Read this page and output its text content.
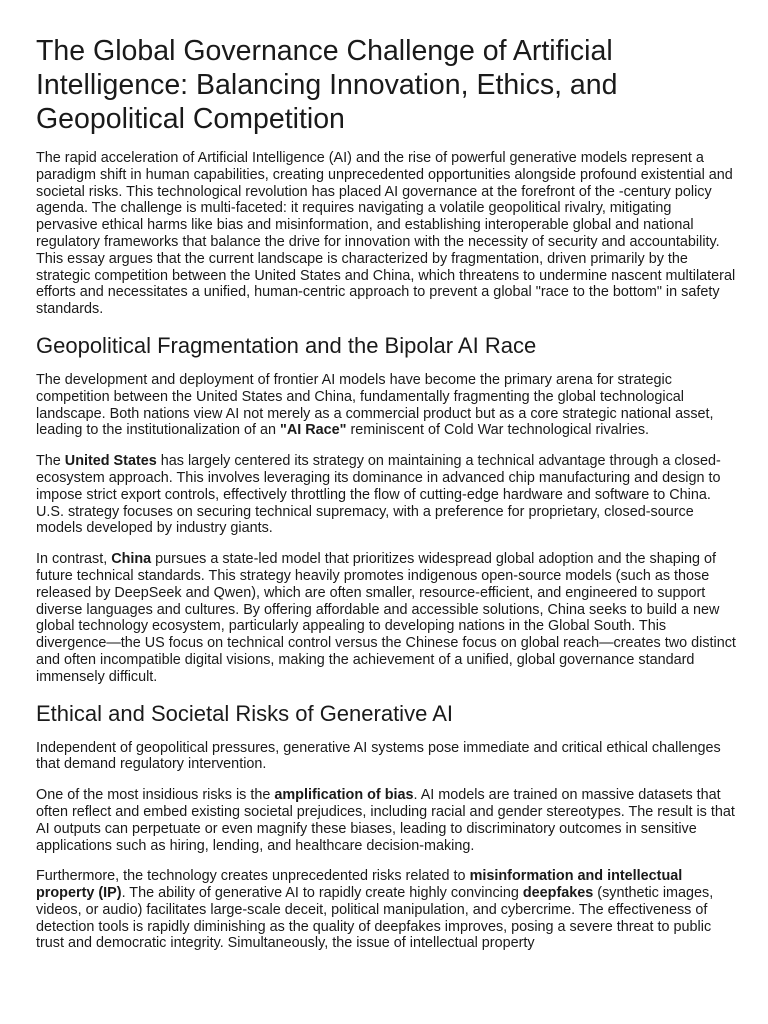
The Global Governance Challenge of Artificial Intelligence: Balancing Innovation, Ethics, and Geopolitical Competition

The rapid acceleration of Artificial Intelligence (AI) and the rise of powerful generative models represent a paradigm shift in human capabilities, creating unprecedented opportunities alongside profound existential and societal risks. This technological revolution has placed AI governance at the forefront of the -century policy agenda. The challenge is multi-faceted: it requires navigating a volatile geopolitical rivalry, mitigating pervasive ethical harms like bias and misinformation, and establishing interoperable global and national regulatory frameworks that balance the drive for innovation with the necessity of security and accountability. This essay argues that the current landscape is characterized by fragmentation, driven primarily by the strategic competition between the United States and China, which threatens to undermine nascent multilateral efforts and necessitates a unified, human-centric approach to prevent a global "race to the bottom" in safety standards.

Geopolitical Fragmentation and the Bipolar AI Race

The development and deployment of frontier AI models have become the primary arena for strategic competition between the United States and China, fundamentally fragmenting the global technological landscape. Both nations view AI not merely as a commercial product but as a core strategic national asset, leading to the institutionalization of an "AI Race" reminiscent of Cold War technological rivalries.

The United States has largely centered its strategy on maintaining a technical advantage through a closed-ecosystem approach. This involves leveraging its dominance in advanced chip manufacturing and design to impose strict export controls, effectively throttling the flow of cutting-edge hardware and software to China. U.S. strategy focuses on securing technical supremacy, with a preference for proprietary, closed-source models developed by industry giants.

In contrast, China pursues a state-led model that prioritizes widespread global adoption and the shaping of future technical standards. This strategy heavily promotes indigenous open-source models (such as those released by DeepSeek and Qwen), which are often smaller, resource-efficient, and engineered to support diverse languages and cultures. By offering affordable and accessible solutions, China seeks to build a new global technology ecosystem, particularly appealing to developing nations in the Global South. This divergence—the US focus on technical control versus the Chinese focus on global reach—creates two distinct and often incompatible digital visions, making the achievement of a unified, global governance standard immensely difficult.

Ethical and Societal Risks of Generative AI

Independent of geopolitical pressures, generative AI systems pose immediate and critical ethical challenges that demand regulatory intervention.

One of the most insidious risks is the amplification of bias. AI models are trained on massive datasets that often reflect and embed existing societal prejudices, including racial and gender stereotypes. The result is that AI outputs can perpetuate or even magnify these biases, leading to discriminatory outcomes in sensitive applications such as hiring, lending, and healthcare decision-making.

Furthermore, the technology creates unprecedented risks related to misinformation and intellectual property (IP). The ability of generative AI to rapidly create highly convincing deepfakes (synthetic images, videos, or audio) facilitates large-scale deceit, political manipulation, and cybercrime. The effectiveness of detection tools is rapidly diminishing as the quality of deepfakes improves, posing a severe threat to public trust and democratic integrity. Simultaneously, the issue of intellectual property
